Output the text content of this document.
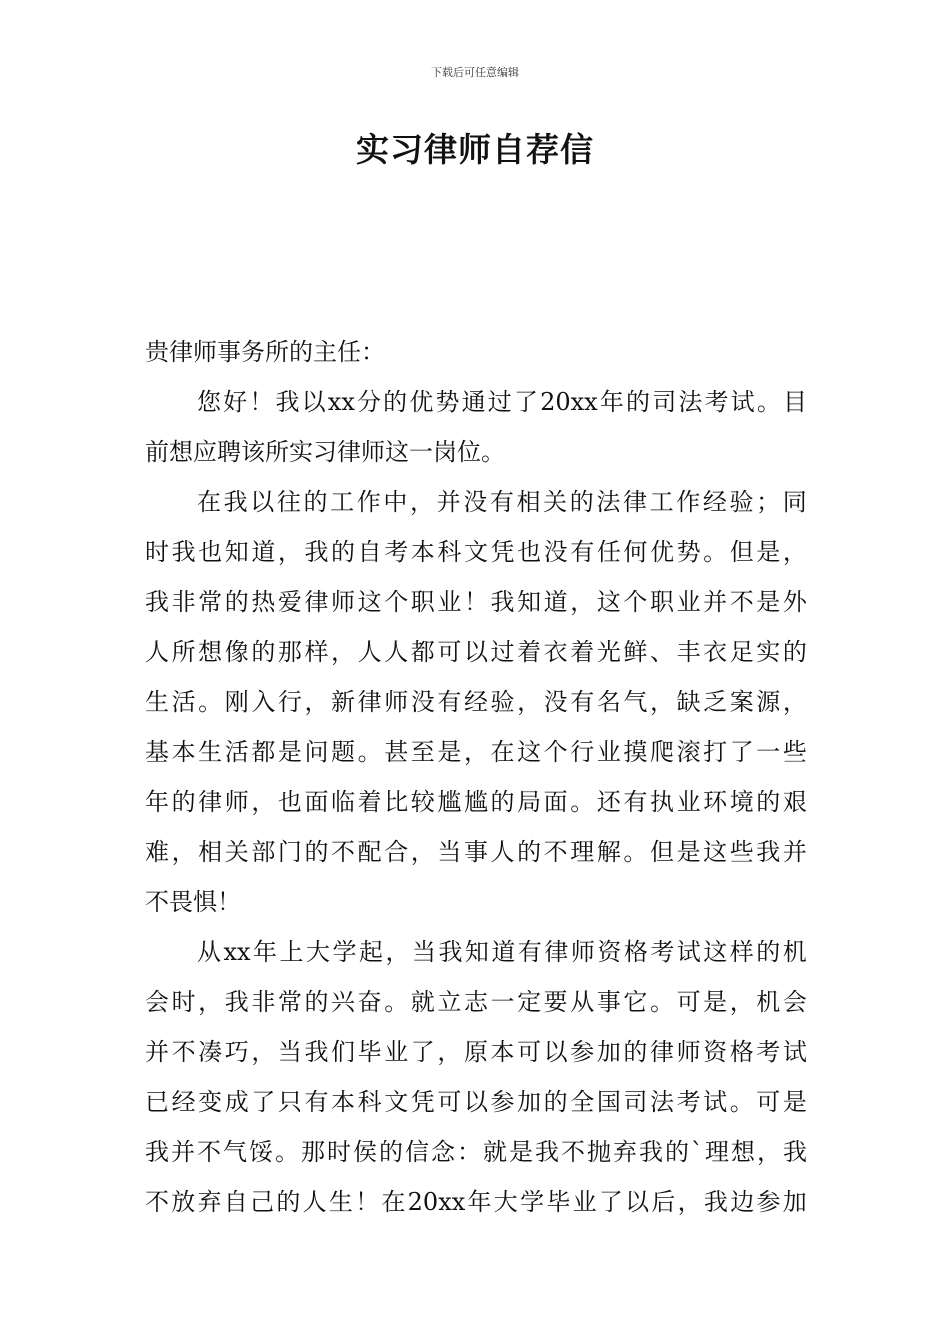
下载后可任意编辑
实习律师自荐信
贵律师事务所的主任：
您 好 ！ 我 以 xx 分 的 优 势 通 过 了 20xx 年 的 司 法 考 试 。 目
前想应聘该所实习律师这一岗位。
在 我 以 往 的 工 作 中 ， 并 没 有 相 关 的 法 律 工 作 经 验 ； 同
时 我 也 知 道 ， 我 的 自 考 本 科 文 凭 也 没 有 任 何 优 势 。 但 是 ，
我 非 常 的 热 爱 律 师 这 个 职 业 ！ 我 知 道 ， 这 个 职 业 并 不 是 外
人 所 想 像 的 那 样 ， 人 人 都 可 以 过 着 衣 着 光 鲜 、 丰 衣 足 实 的
生 活 。 刚 入 行 ， 新 律 师 没 有 经 验 ， 没 有 名 气 ， 缺 乏 案 源 ，
基 本 生 活 都 是 问 题 。 甚 至 是 ， 在 这 个 行 业 摸 爬 滚 打 了 一 些
年 的 律 师 ， 也 面 临 着 比 较 尴 尴 的 局 面 。 还 有 执 业 环 境 的 艰
难 ， 相 关 部 门 的 不 配 合 ， 当 事 人 的 不 理 解 。 但 是 这 些 我 并
不畏惧！
从 xx 年 上 大 学 起 ， 当 我 知 道 有 律 师 资 格 考 试 这 样 的 机
会 时 ， 我 非 常 的 兴 奋 。 就 立 志 一 定 要 从 事 它 。 可 是 ， 机 会
并 不 凑 巧 ， 当 我 们 毕 业 了 ， 原 本 可 以 参 加 的 律 师 资 格 考 试
已 经 变 成 了 只 有 本 科 文 凭 可 以 参 加 的 全 国 司 法 考 试 。 可 是
我 并 不 气 馁 。 那 时 侯 的 信 念 ： 就 是 我 不 抛 弃 我 的 ` 理 想 ， 我
不 放 弃 自 己 的 人 生 ！ 在 20xx 年 大 学 毕 业 了 以 后 ， 我 边 参 加
